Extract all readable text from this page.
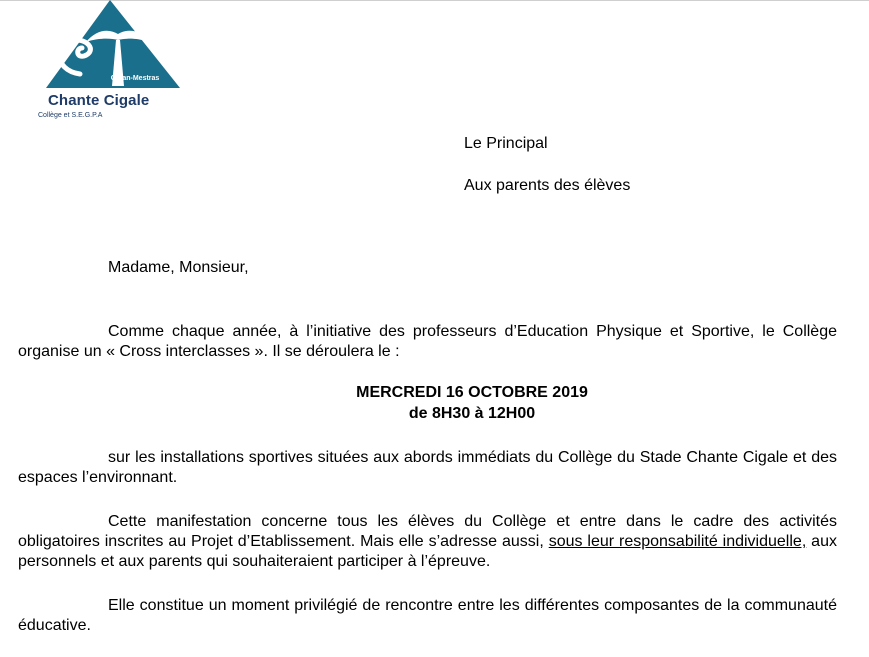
Gujan-Mestras
Chante Cigale
Collège et S.E.G.P.A
Le Principal
Aux parents des élèves
Madame, Monsieur,

Comme chaque année, à l’initiative des professeurs d’Education Physique et Sportive, le Collège organise un « Cross interclasses ». Il se déroulera le :

MERCREDI 16 OCTOBRE 2019
de 8H30 à 12H00

sur les installations sportives situées aux abords immédiats du Collège du Stade Chante Cigale et des espaces l’environnant.

Cette manifestation concerne tous les élèves du Collège et entre dans le cadre des activités obligatoires inscrites au Projet d’Etablissement. Mais elle s’adresse aussi, sous leur responsabilité individuelle, aux personnels et aux parents qui souhaiteraient participer à l’épreuve.

Elle constitue un moment privilégié de rencontre entre les différentes composantes de la communauté éducative.
